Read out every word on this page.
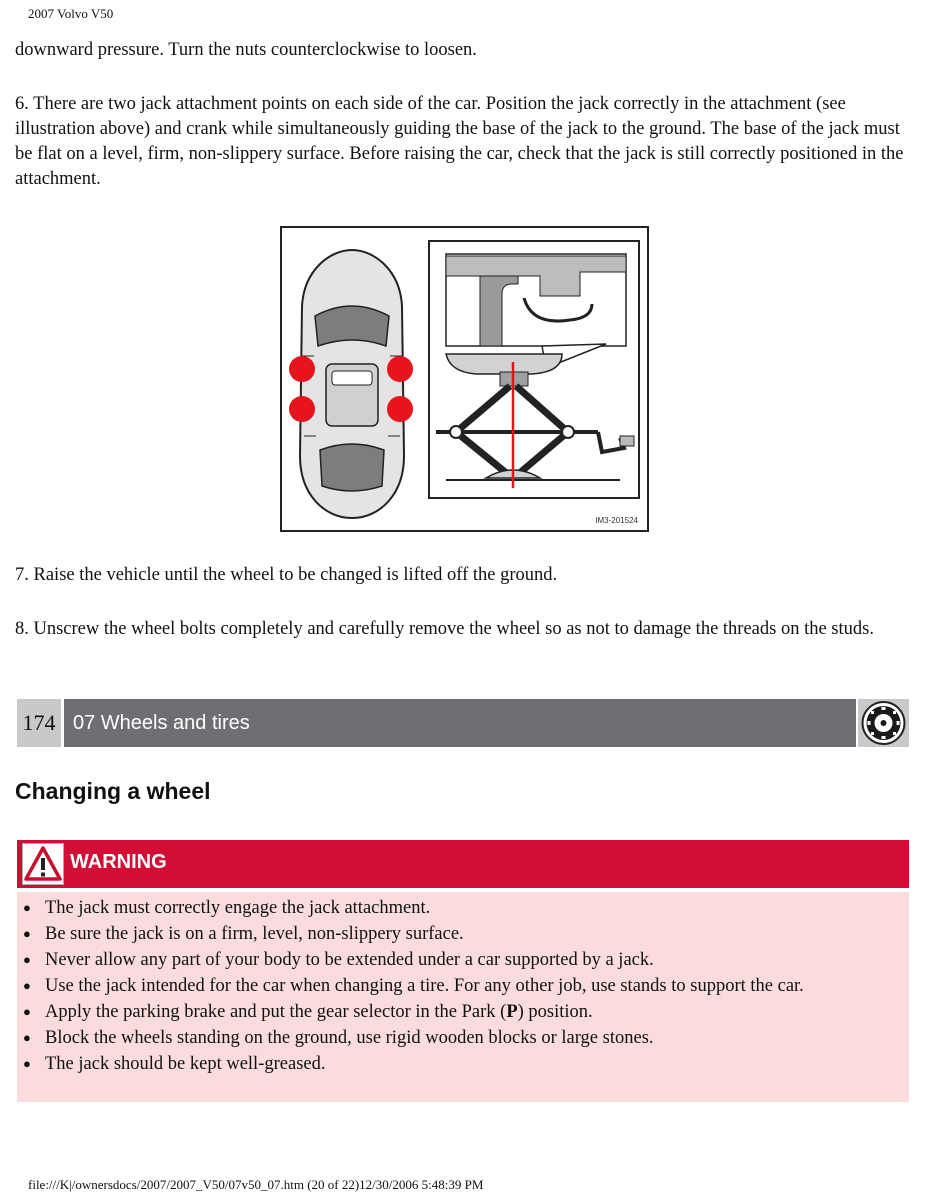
2007 Volvo V50

downward pressure. Turn the nuts counterclockwise to loosen.

6. There are two jack attachment points on each side of the car. Position the jack correctly in the attachment (see illustration above) and crank while simultaneously guiding the base of the jack to the ground. The base of the jack must be flat on a level, firm, non-slippery surface. Before raising the car, check that the jack is still correctly positioned in the attachment.

IM3-201524

7. Raise the vehicle until the wheel to be changed is lifted off the ground.

8. Unscrew the wheel bolts completely and carefully remove the wheel so as not to damage the threads on the studs.

174 07 Wheels and tires
Changing a wheel
WARNING
● The jack must correctly engage the jack attachment.
● Be sure the jack is on a firm, level, non-slippery surface.
● Never allow any part of your body to be extended under a car supported by a jack.
● Use the jack intended for the car when changing a tire. For any other job, use stands to support the car.
● Apply the parking brake and put the gear selector in the Park (P) position.
● Block the wheels standing on the ground, use rigid wooden blocks or large stones.
● The jack should be kept well-greased.
file:///K|/ownersdocs/2007/2007_V50/07v50_07.htm (20 of 22)12/30/2006 5:48:39 PM
